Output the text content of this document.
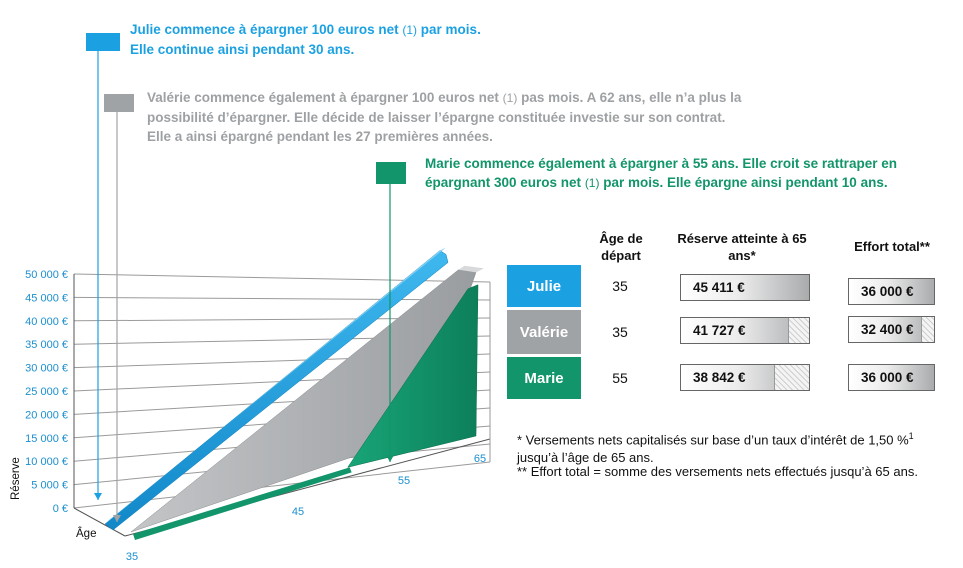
0 €
5 000 €
10 000 €
15 000 €
20 000 €
25 000 €
30 000 €
35 000 €
40 000 €
45 000 €
50 000 €
35
45
55
65
Réserve
Âge
Julie commence à épargner 100 euros net (1) par mois.
Elle continue ainsi pendant 30 ans.
Valérie commence également à épargner 100 euros net (1) pas mois. A 62 ans, elle n’a plus la
possibilité d’épargner. Elle décide de laisser l’épargne constituée investie sur son contrat.
Elle a ainsi épargné pendant les 27 premières années.
Marie commence également à épargner à 55 ans. Elle croit se rattraper en
épargnant 300 euros net (1) par mois. Elle épargne ainsi pendant 10 ans.
Âge de départ
Réserve atteinte à 65 ans*
Effort total**
Julie	35	45 411 €	36 000 €
Valérie	35	41 727 €	32 400 €
Marie	55	38 842 €	36 000 €
* Versements nets capitalisés sur base d’un taux d’intérêt de 1,50 %$^1$
jusqu’à l’âge de 65 ans.
** Effort total = somme des versements nets effectués jusqu’à 65 ans.
